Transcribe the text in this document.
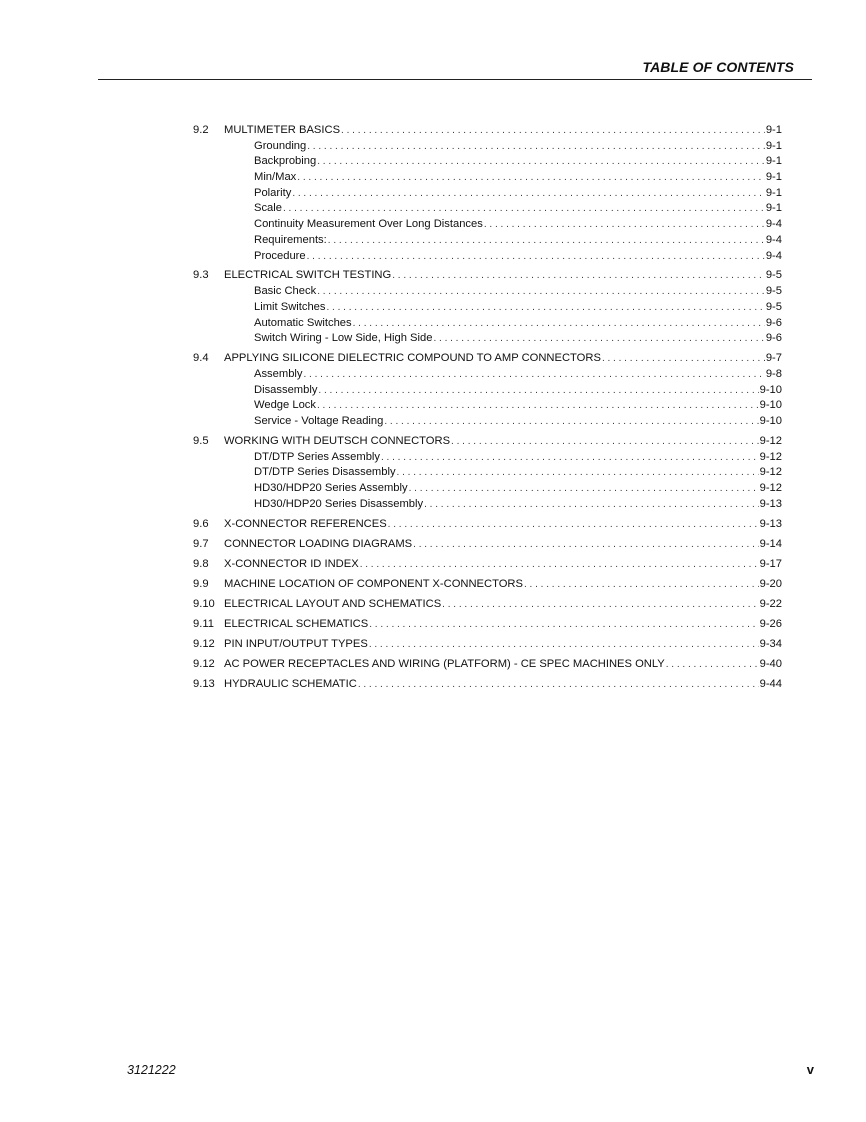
TABLE OF CONTENTS
9.2	MULTIMETER BASICS . . .	9-1
Grounding . . .	9-1
Backprobing . . .	9-1
Min/Max . . .	9-1
Polarity . . .	9-1
Scale . . .	9-1
Continuity Measurement Over Long Distances . . .	9-4
Requirements: . . .	9-4
Procedure . . .	9-4
9.3	ELECTRICAL SWITCH TESTING . . .	9-5
Basic Check . . .	9-5
Limit Switches . . .	9-5
Automatic Switches . . .	9-6
Switch Wiring - Low Side, High Side . . .	9-6
9.4	APPLYING SILICONE DIELECTRIC COMPOUND TO AMP CONNECTORS . . .	9-7
Assembly . . .	9-8
Disassembly . . .	9-10
Wedge Lock . . .	9-10
Service - Voltage Reading . . .	9-10
9.5	WORKING WITH DEUTSCH CONNECTORS . . .	9-12
DT/DTP Series Assembly . . .	9-12
DT/DTP Series Disassembly . . .	9-12
HD30/HDP20 Series Assembly . . .	9-12
HD30/HDP20 Series Disassembly . . .	9-13
9.6	X-CONNECTOR REFERENCES . . .	9-13
9.7	CONNECTOR LOADING DIAGRAMS . . .	9-14
9.8	X-CONNECTOR ID INDEX . . .	9-17
9.9	MACHINE LOCATION OF COMPONENT X-CONNECTORS . . .	9-20
9.10 ELECTRICAL LAYOUT AND SCHEMATICS . . .	9-22
9.11 ELECTRICAL SCHEMATICS . . .	9-26
9.12 PIN INPUT/OUTPUT TYPES . . .	9-34
9.12 AC POWER RECEPTACLES AND WIRING (PLATFORM) - CE SPEC MACHINES ONLY . . .	9-40
9.13 HYDRAULIC SCHEMATIC . . .	9-44
3121222	v
